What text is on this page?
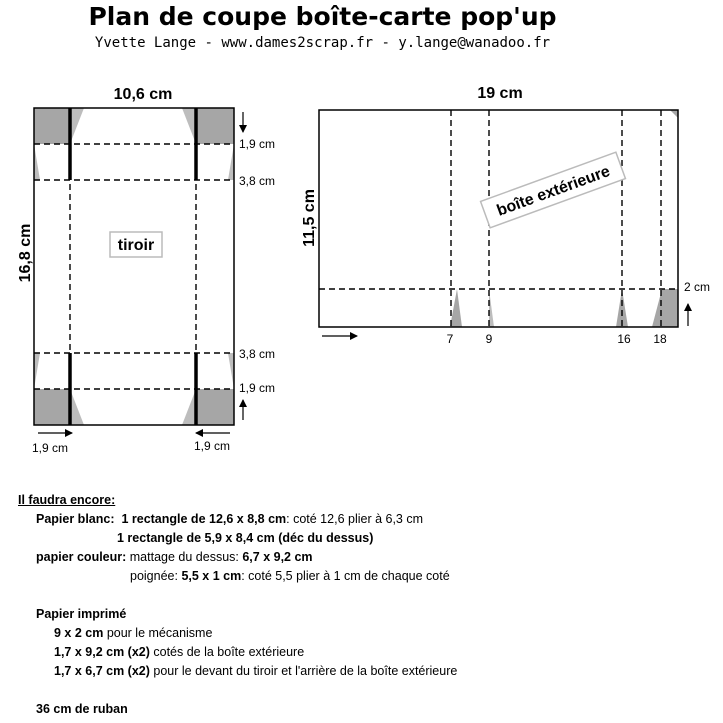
Plan de coupe boîte-carte pop'up
Yvette Lange - www.dames2scrap.fr - y.lange@wanadoo.fr
tiroir
10,6 cm
16,8 cm
1,9 cm
3,8 cm
3,8 cm
1,9 cm
1,9 cm	1,9 cm
boîte extérieure
19 cm
11,5 cm
2 cm
7	9	16 18
Il faudra encore:
Papier blanc: 1 rectangle de 12,6 x 8,8 cm: coté 12,6 plier à 6,3 cm
1 rectangle de 5,9 x 8,4 cm (déc du dessus)
papier couleur: mattage du dessus: 6,7 x 9,2 cm
poignée: 5,5 x 1 cm: coté 5,5 plier à 1 cm de chaque coté
Papier imprimé
9 x 2 cm pour le mécanisme
1,7 x 9,2 cm (x2) cotés de la boîte extérieure
1,7 x 6,7 cm (x2) pour le devant du tiroir et l'arrière de la boîte extérieure
36 cm de ruban
